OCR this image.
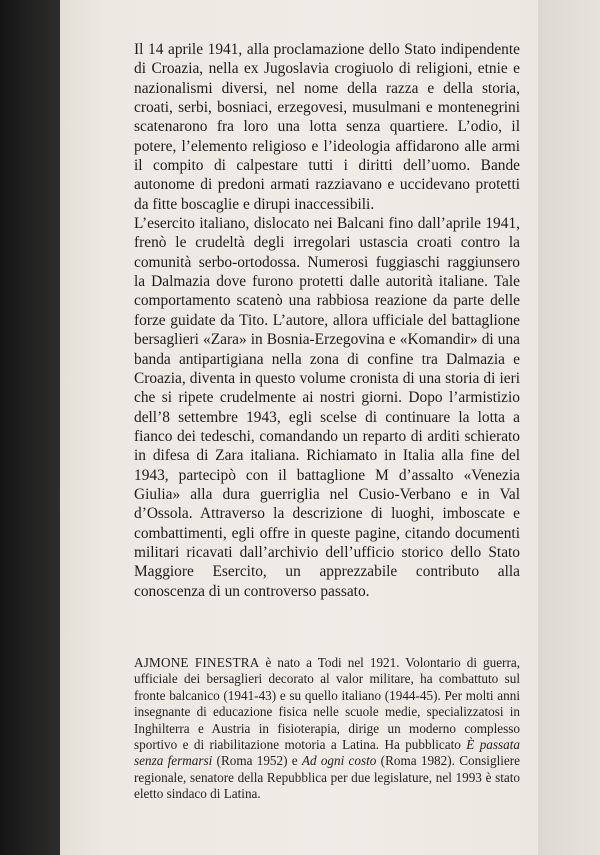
Il 14 aprile 1941, alla proclamazione dello Stato indipendente di Croazia, nella ex Jugoslavia crogiuolo di religioni, etnie e nazionalismi diversi, nel nome della razza e della storia, croati, serbi, bosniaci, erzegovesi, musulmani e montenegrini scatenarono fra loro una lotta senza quartiere. L’odio, il potere, l’elemento religioso e l’ideologia affidarono alle armi il compito di calpestare tutti i diritti dell’uomo. Bande autonome di predoni armati razziavano e uccidevano protetti da fitte boscaglie e dirupi inaccessibili.

L’esercito italiano, dislocato nei Balcani fino dall’aprile 1941, frenò le crudeltà degli irregolari ustascia croati contro la comunità serbo-ortodossa. Numerosi fuggiaschi raggiunsero la Dalmazia dove furono protetti dalle autorità italiane. Tale comportamento scatenò una rabbiosa reazione da parte delle forze guidate da Tito. L’autore, allora ufficiale del battaglione bersaglieri «Zara» in Bosnia-Erzegovina e «Komandir» di una banda antipartigiana nella zona di confine tra Dalmazia e Croazia, diventa in questo volume cronista di una storia di ieri che si ripete crudelmente ai nostri giorni. Dopo l’armistizio dell’8 settembre 1943, egli scelse di continuare la lotta a fianco dei tedeschi, comandando un reparto di arditi schierato in difesa di Zara italiana. Richiamato in Italia alla fine del 1943, partecipò con il battaglione M d’assalto «Venezia Giulia» alla dura guerriglia nel Cusio-Verbano e in Val d’Ossola. Attraverso la descrizione di luoghi, imboscate e combattimenti, egli offre in queste pagine, citando documenti militari ricavati dall’archivio dell’ufficio storico dello Stato Maggiore Esercito, un apprezzabile contributo alla conoscenza di un controverso passato.

AJMONE FINESTRA è nato a Todi nel 1921. Volontario di guerra, ufficiale dei bersaglieri decorato al valor militare, ha combattuto sul fronte balcanico (1941-43) e su quello italiano (1944-45). Per molti anni insegnante di educazione fisica nelle scuole medie, specializzatosi in Inghilterra e Austria in fisioterapia, dirige un moderno complesso sportivo e di riabilitazione motoria a Latina. Ha pubblicato È passata senza fermarsi (Roma 1952) e Ad ogni costo (Roma 1982). Consigliere regionale, senatore della Repubblica per due legislature, nel 1993 è stato eletto sindaco di Latina.
